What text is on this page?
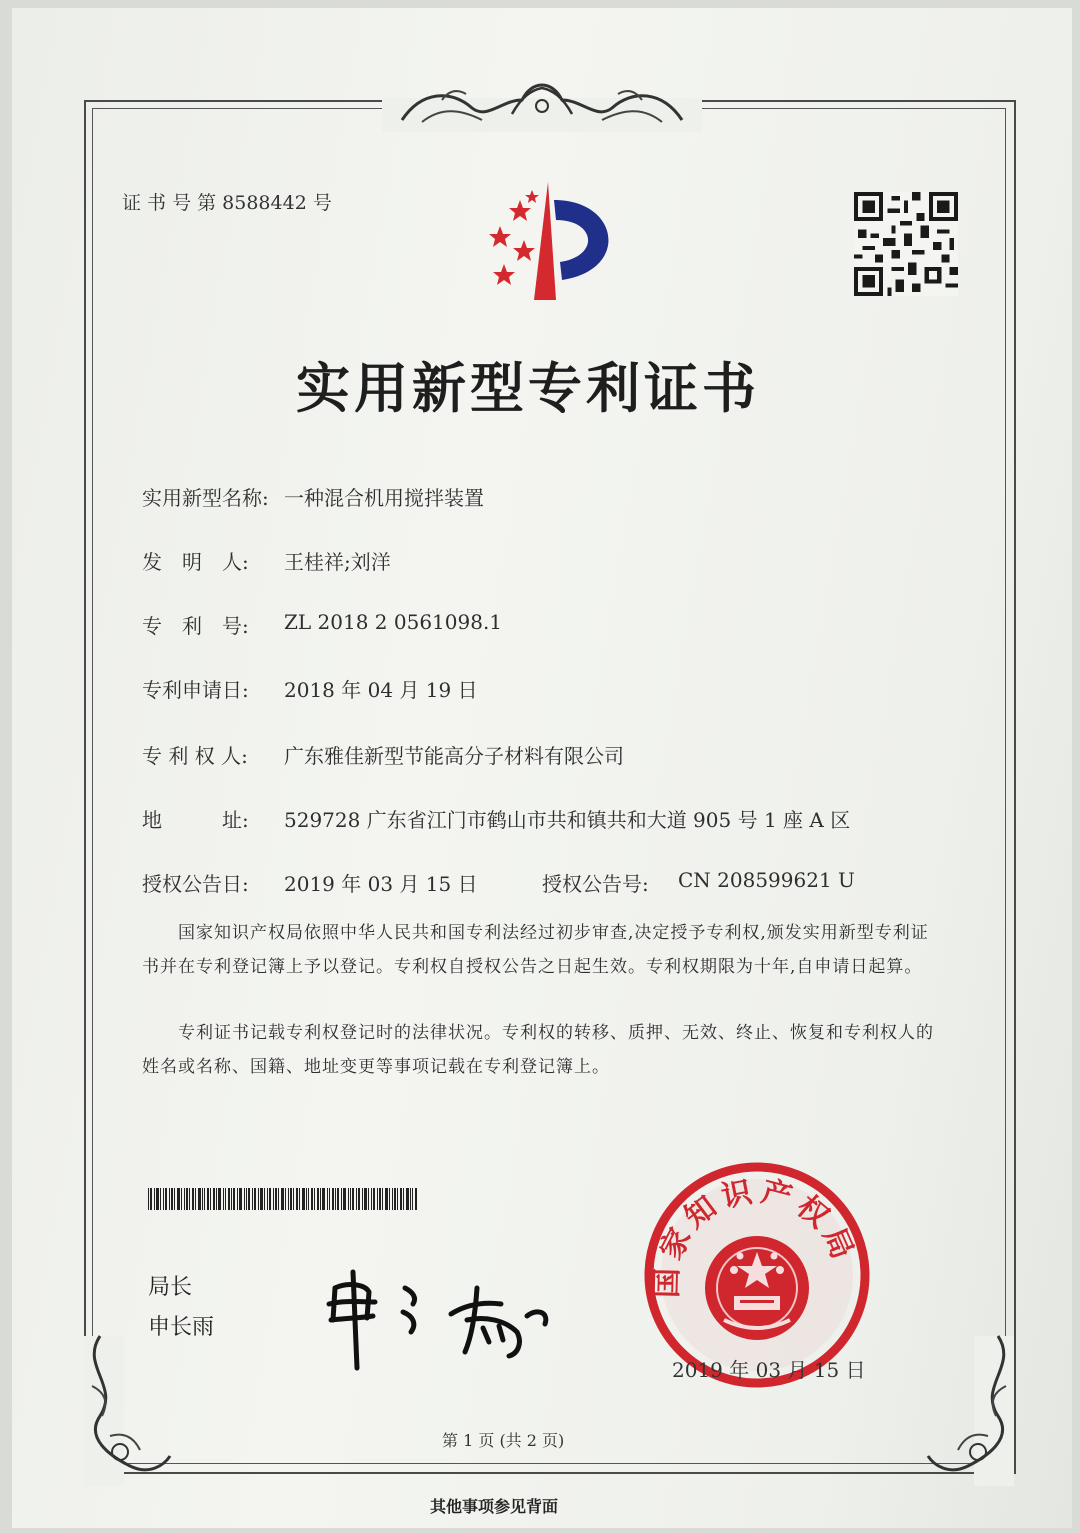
证 书 号 第 8588442 号
实用新型专利证书
实用新型名称: 一种混合机用搅拌装置
发　明　人: 王桂祥;刘洋
专　利　号: ZL 2018 2 0561098.1
专利申请日: 2018 年 04 月 19 日
专 利 权 人: 广东雅佳新型节能高分子材料有限公司
地　　　址: 529728 广东省江门市鹤山市共和镇共和大道 905 号 1 座 A 区
授权公告日: 2019 年 03 月 15 日	授权公告号: CN 208599621 U
国家知识产权局依照中华人民共和国专利法经过初步审查,决定授予专利权,颁发实用新型专利证书并在专利登记簿上予以登记。专利权自授权公告之日起生效。专利权期限为十年,自申请日起算。
专利证书记载专利权登记时的法律状况。专利权的转移、质押、无效、终止、恢复和专利权人的姓名或名称、国籍、地址变更等事项记载在专利登记簿上。
局长
申长雨
国家知识产权局
2019 年 03 月 15 日
第 1 页 (共 2 页)
其他事项参见背面
